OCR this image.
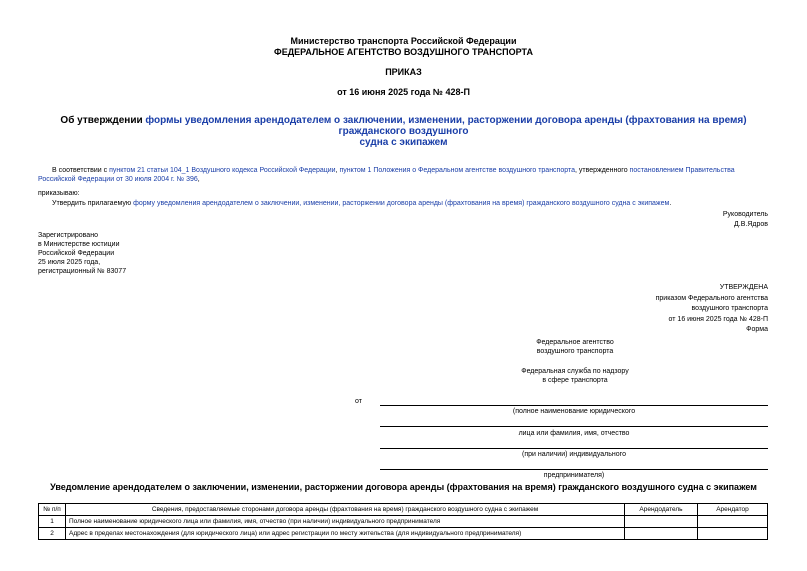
Министерство транспорта Российской Федерации
ФЕДЕРАЛЬНОЕ АГЕНТСТВО ВОЗДУШНОГО ТРАНСПОРТА
ПРИКАЗ
от 16 июня 2025 года № 428-П
Об утверждении формы уведомления арендодателем о заключении, изменении, расторжении договора аренды (фрахтования на время) гражданского воздушного
судна с экипажем
В соответствии с пунктом 21 статьи 104_1 Воздушного кодекса Российской Федерации, пунктом 1 Положения о Федеральном агентстве воздушного транспорта, утвержденного постановлением Правительства
Российской Федерации от 30 июля 2004 г. № 396,
приказываю:
Утвердить прилагаемую форму уведомления арендодателем о заключении, изменении, расторжении договора аренды (фрахтования на время) гражданского воздушного судна с экипажем.
Руководитель
Д.В.Ядров
Зарегистрировано
в Министерстве юстиции
Российской Федерации
25 июля 2025 года,
регистрационный № 83077
УТВЕРЖДЕНА
приказом Федерального агентства
воздушного транспорта
от 16 июня 2025 года № 428-П
Форма
Федеральное агентство
воздушного транспорта
Федеральная служба по надзору
в сфере транспорта
от
(полное наименование юридического
лица или фамилия, имя, отчество
(при наличии) индивидуального
предпринимателя)
Уведомление арендодателем о заключении, изменении, расторжении договора аренды (фрахтования на время) гражданского воздушного судна с экипажем
№ п/п	Сведения, предоставляемые сторонами договора аренды (фрахтования на время) гражданского воздушного судна с экипажем	Арендодатель	Арендатор
1	Полное наименование юридического лица или фамилия, имя, отчество (при наличии) индивидуального предпринимателя		
2	Адрес в пределах местонахождения (для юридического лица) или адрес регистрации по месту жительства (для индивидуального предпринимателя)		
